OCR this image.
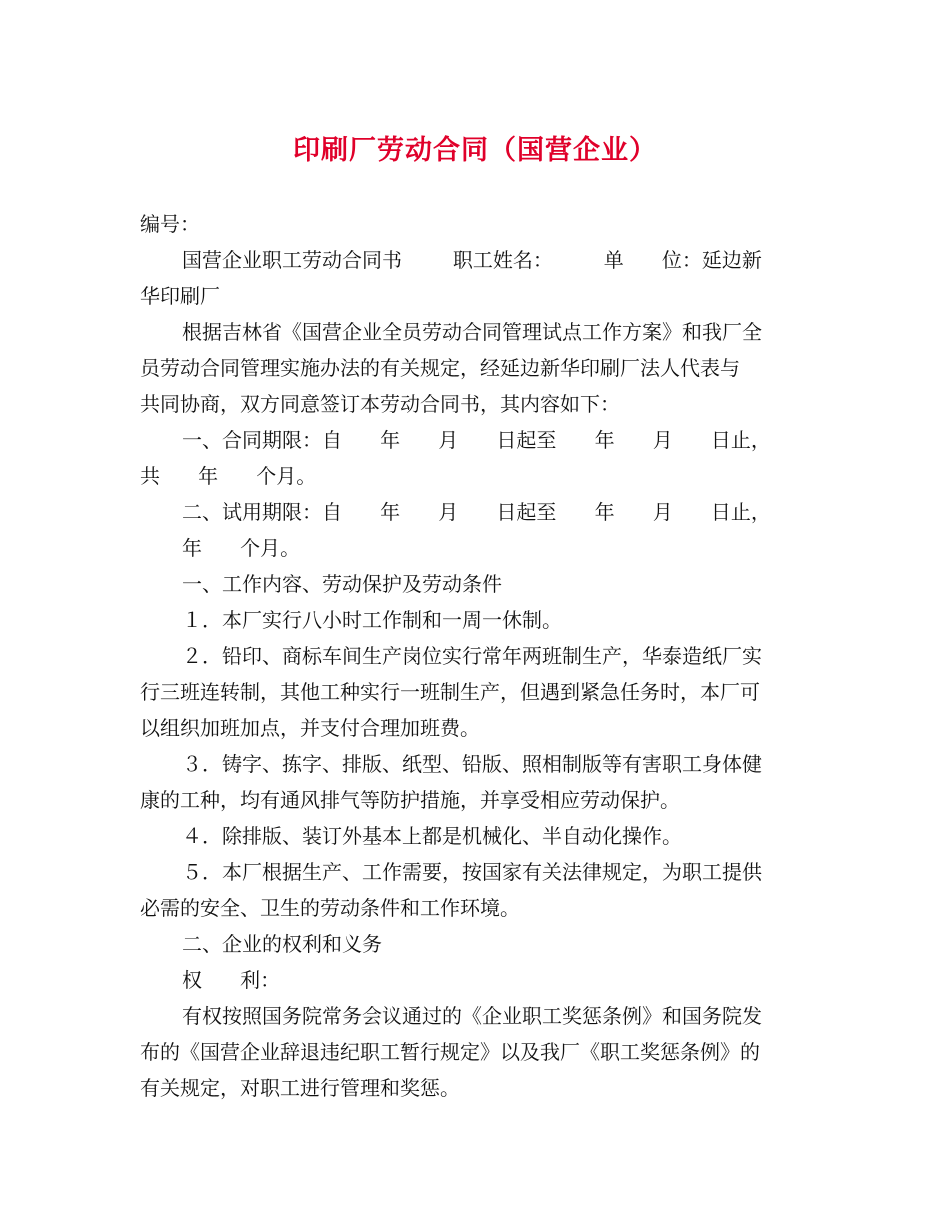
印刷厂劳动合同（国营企业）

编号：

国营企业职工劳动合同书        职工姓名：        单      位：延边新

华印刷厂

根据吉林省《国营企业全员劳动合同管理试点工作方案》和我厂全

员劳动合同管理实施办法的有关规定，经延边新华印刷厂法人代表与

共同协商，双方同意签订本劳动合同书，其内容如下：

一、合同期限：自      年      月      日起至      年      月      日止，

共      年      个月。

二、试用期限：自      年      月      日起至      年      月      日止，

年      个月。

一、工作内容、劳动保护及劳动条件

１．本厂实行八小时工作制和一周一休制。

２．铅印、商标车间生产岗位实行常年两班制生产，华泰造纸厂实

行三班连转制，其他工种实行一班制生产，但遇到紧急任务时，本厂可

以组织加班加点，并支付合理加班费。

３．铸字、拣字、排版、纸型、铅版、照相制版等有害职工身体健

康的工种，均有通风排气等防护措施，并享受相应劳动保护。

４．除排版、装订外基本上都是机械化、半自动化操作。

５．本厂根据生产、工作需要，按国家有关法律规定，为职工提供

必需的安全、卫生的劳动条件和工作环境。

二、企业的权利和义务

权      利：

有权按照国务院常务会议通过的《企业职工奖惩条例》和国务院发

布的《国营企业辞退违纪职工暂行规定》以及我厂《职工奖惩条例》的

有关规定，对职工进行管理和奖惩。
